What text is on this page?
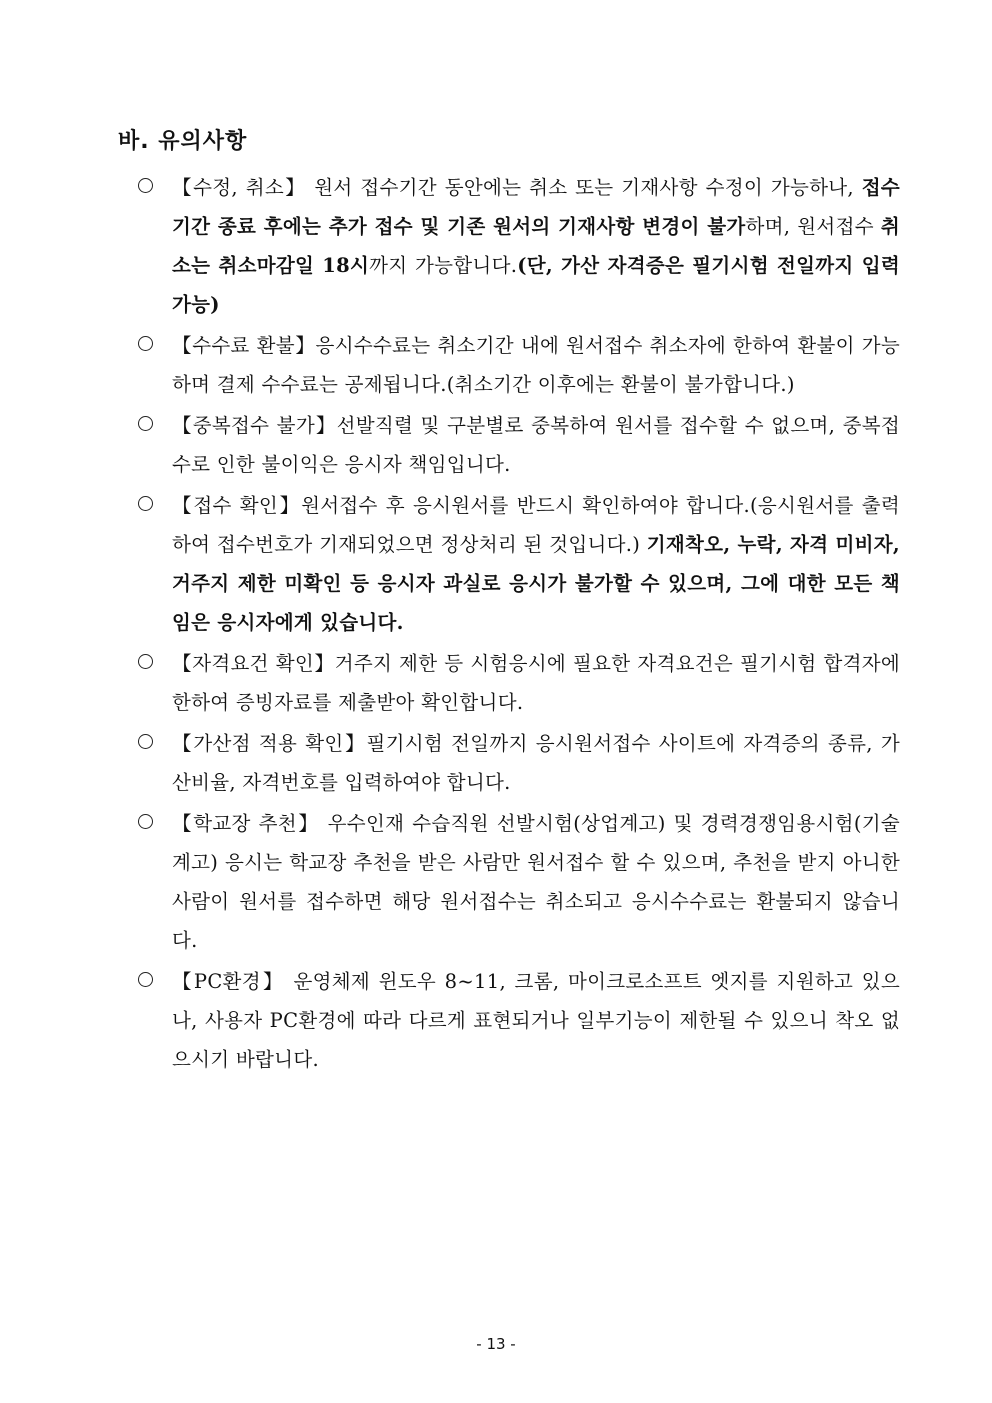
바. 유의사항
【수정, 취소】 원서 접수기간 동안에는 취소 또는 기재사항 수정이 가능하나, 접수기간 종료 후에는 추가 접수 및 기존 원서의 기재사항 변경이 불가하며, 원서접수 취소는 취소마감일 18시까지 가능합니다.(단, 가산 자격증은 필기시험 전일까지 입력 가능)
【수수료 환불】응시수수료는 취소기간 내에 원서접수 취소자에 한하여 환불이 가능하며 결제 수수료는 공제됩니다.(취소기간 이후에는 환불이 불가합니다.)
【중복접수 불가】선발직렬 및 구분별로 중복하여 원서를 접수할 수 없으며, 중복접수로 인한 불이익은 응시자 책임입니다.
【접수 확인】원서접수 후 응시원서를 반드시 확인하여야 합니다.(응시원서를 출력하여 접수번호가 기재되었으면 정상처리 된 것입니다.) 기재착오, 누락, 자격 미비자, 거주지 제한 미확인 등 응시자 과실로 응시가 불가할 수 있으며, 그에 대한 모든 책임은 응시자에게 있습니다.
【자격요건 확인】거주지 제한 등 시험응시에 필요한 자격요건은 필기시험 합격자에 한하여 증빙자료를 제출받아 확인합니다.
【가산점 적용 확인】필기시험 전일까지 응시원서접수 사이트에 자격증의 종류, 가산비율, 자격번호를 입력하여야 합니다.
【학교장 추천】 우수인재 수습직원 선발시험(상업계고) 및 경력경쟁임용시험(기술계고) 응시는 학교장 추천을 받은 사람만 원서접수 할 수 있으며, 추천을 받지 아니한 사람이 원서를 접수하면 해당 원서접수는 취소되고 응시수수료는 환불되지 않습니다.
【PC환경】 운영체제 윈도우 8~11, 크롬, 마이크로소프트 엣지를 지원하고 있으나, 사용자 PC환경에 따라 다르게 표현되거나 일부기능이 제한될 수 있으니 착오 없으시기 바랍니다.
- 13 -
